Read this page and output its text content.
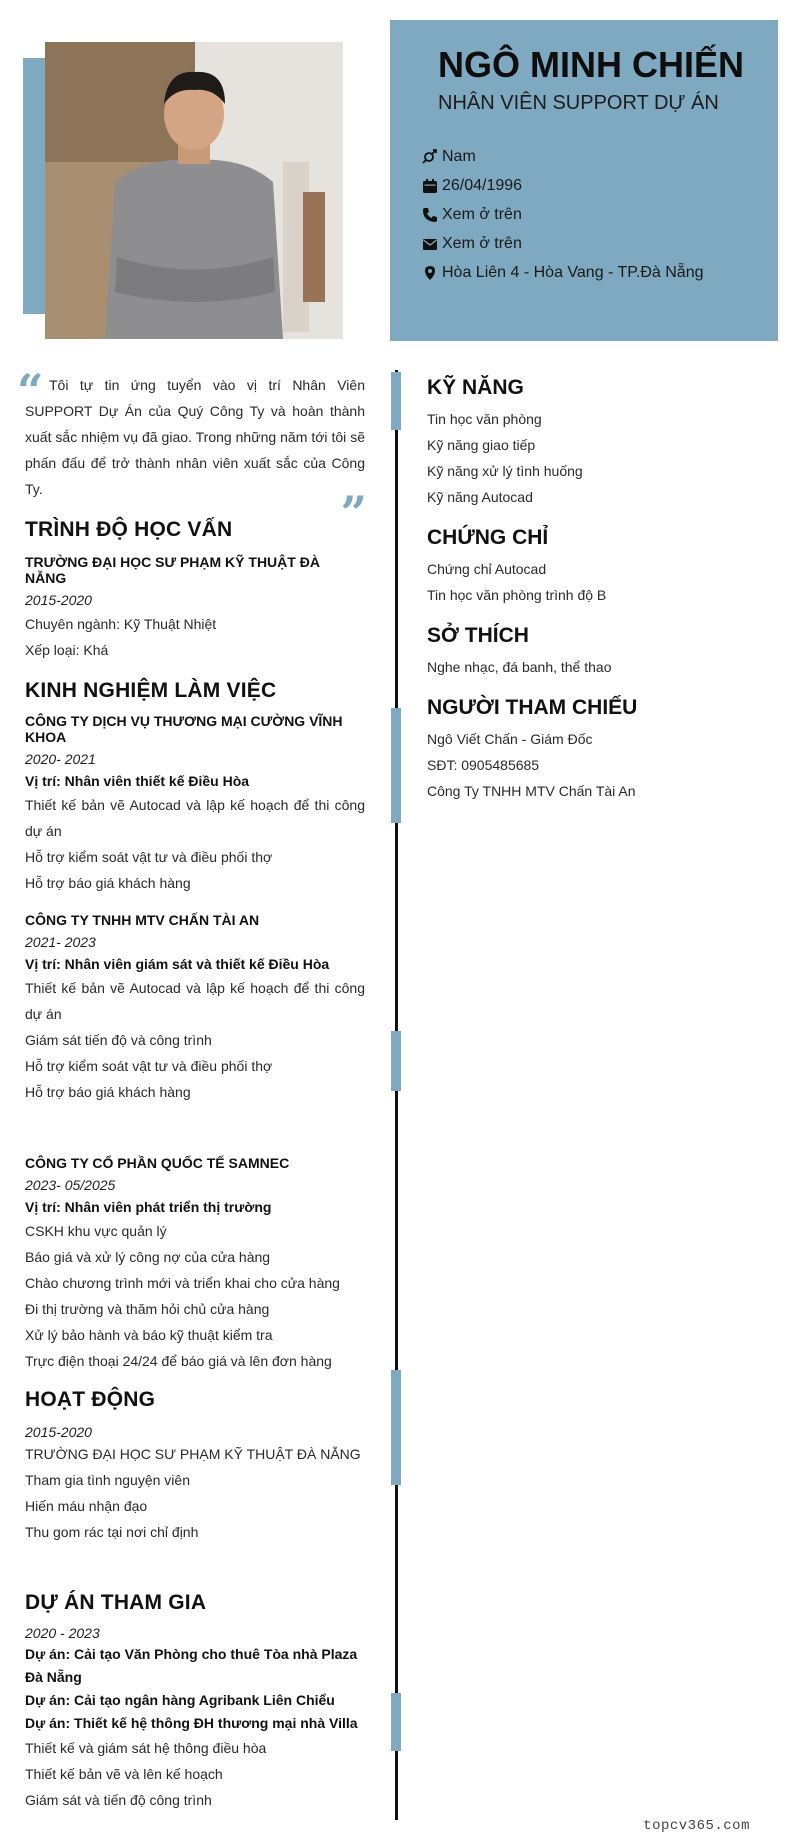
NGÔ MINH CHIẾN
NHÂN VIÊN SUPPORT DỰ ÁN
Nam
26/04/1996
Xem ở trên
Xem ở trên
Hòa Liên 4 - Hòa Vang - TP.Đà Nẵng
“ Tôi tự tin ứng tuyển vào vị trí Nhân Viên SUPPORT Dự Án của Quý Công Ty và hoàn thành xuất sắc nhiệm vụ đã giao. Trong những năm tới tôi sẽ phấn đấu để trở thành nhân viên xuất sắc của Công Ty.	”
TRÌNH ĐỘ HỌC VẤN
TRƯỜNG ĐẠI HỌC SƯ PHẠM KỸ THUẬT ĐÀ NẴNG
2015-2020
Chuyên ngành: Kỹ Thuật Nhiệt
Xếp loại: Khá
KINH NGHIỆM LÀM VIỆC
CÔNG TY DỊCH VỤ THƯƠNG MẠI CƯỜNG VĨNH KHOA
2020- 2021
Vị trí: Nhân viên thiết kế Điều Hòa
Thiết kế bản vẽ Autocad và lập kế hoạch để thi công dự án
Hỗ trợ kiểm soát vật tư và điều phối thợ
Hỗ trợ báo giá khách hàng
CÔNG TY TNHH MTV CHẤN TÀI AN
2021- 2023
Vị trí: Nhân viên giám sát và thiết kế Điều Hòa
Thiết kế bản vẽ Autocad và lập kế hoạch để thi công dự án
Giám sát tiến độ và công trình
Hỗ trợ kiểm soát vật tư và điều phối thợ
Hỗ trợ báo giá khách hàng
CÔNG TY CỔ PHẦN QUỐC TẾ SAMNEC
2023- 05/2025
Vị trí: Nhân viên phát triển thị trường
CSKH khu vực quản lý
Báo giá và xử lý công nợ của cửa hàng
Chào chương trình mới và triển khai cho cửa hàng
Đi thị trường và thăm hỏi chủ cửa hàng
Xử lý bảo hành và báo kỹ thuật kiểm tra
Trực điện thoại 24/24 để báo giá và lên đơn hàng
HOẠT ĐỘNG
2015-2020
TRƯỜNG ĐẠI HỌC SƯ PHẠM KỸ THUẬT ĐÀ NẴNG
Tham gia tình nguyện viên
Hiến máu nhận đạo
Thu gom rác tại nơi chỉ định
DỰ ÁN THAM GIA
2020 - 2023
Dự án: Cải tạo Văn Phòng cho thuê Tòa nhà Plaza Đà Nẵng
Dự án: Cải tạo ngân hàng Agribank Liên Chiểu
Dự án: Thiết kế hệ thông ĐH thương mại nhà Villa
Thiết kế và giám sát hệ thông điều hòa
Thiết kế bản vẽ và lên kế hoạch
Giám sát và tiến độ công trình
KỸ NĂNG
Tin học văn phòng
Kỹ năng giao tiếp
Kỹ năng xử lý tình huống
Kỹ năng Autocad
CHỨNG CHỈ
Chứng chỉ Autocad
Tin học văn phòng trình độ B
SỞ THÍCH
Nghe nhạc, đá banh, thể thao
NGƯỜI THAM CHIẾU
Ngô Viết Chấn - Giám Đốc
SĐT: 0905485685
Công Ty TNHH MTV Chấn Tài An
topcv365.com
